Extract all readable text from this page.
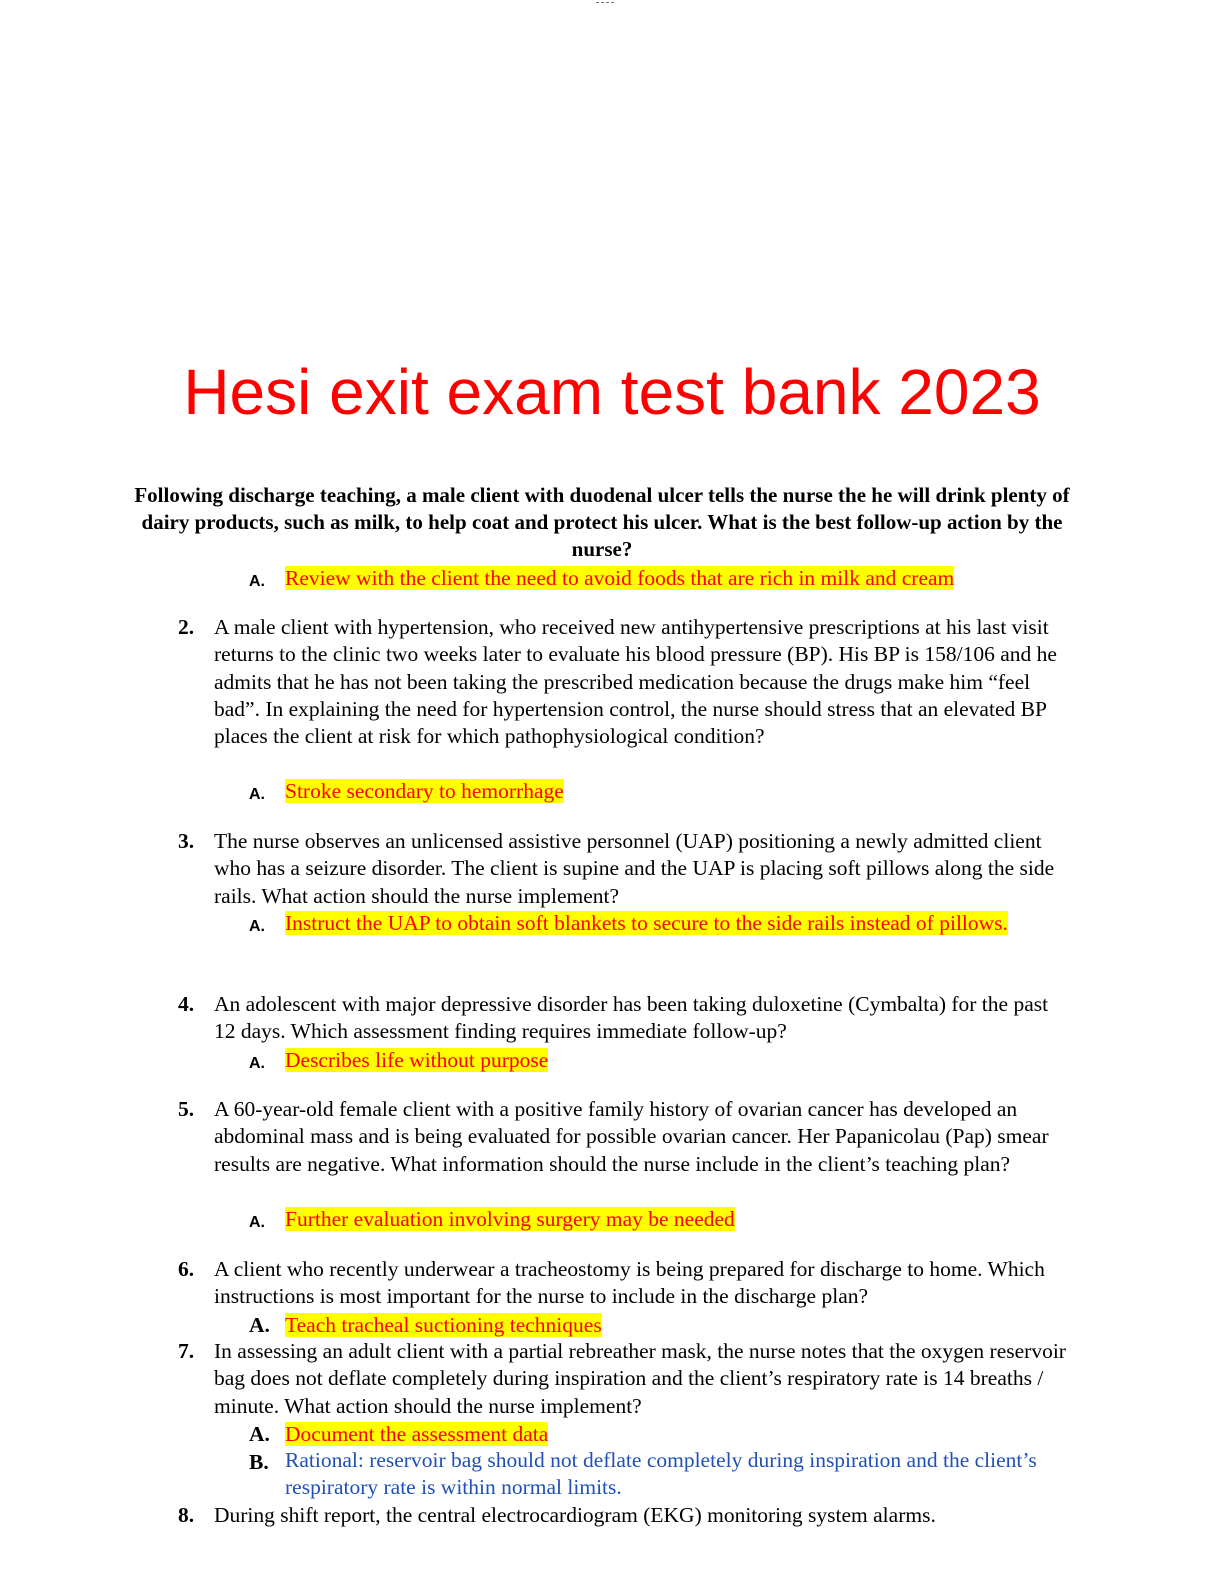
Hesi exit exam test bank 2023
Following discharge teaching, a male client with duodenal ulcer tells the nurse the he will drink plenty of dairy products, such as milk, to help coat and protect his ulcer. What is the best follow-up action by the nurse?
A. Review with the client the need to avoid foods that are rich in milk and cream
2. A male client with hypertension, who received new antihypertensive prescriptions at his last visit returns to the clinic two weeks later to evaluate his blood pressure (BP). His BP is 158/106 and he admits that he has not been taking the prescribed medication because the drugs make him “feel bad”. In explaining the need for hypertension control, the nurse should stress that an elevated BP places the client at risk for which pathophysiological condition?
A. Stroke secondary to hemorrhage
3. The nurse observes an unlicensed assistive personnel (UAP) positioning a newly admitted client who has a seizure disorder. The client is supine and the UAP is placing soft pillows along the side rails. What action should the nurse implement?
A. Instruct the UAP to obtain soft blankets to secure to the side rails instead of pillows.
4. An adolescent with major depressive disorder has been taking duloxetine (Cymbalta) for the past 12 days. Which assessment finding requires immediate follow-up?
A. Describes life without purpose
5. A 60-year-old female client with a positive family history of ovarian cancer has developed an abdominal mass and is being evaluated for possible ovarian cancer. Her Papanicolau (Pap) smear results are negative. What information should the nurse include in the client’s teaching plan?
A. Further evaluation involving surgery may be needed
6. A client who recently underwear a tracheostomy is being prepared for discharge to home. Which instructions is most important for the nurse to include in the discharge plan?
A. Teach tracheal suctioning techniques
7. In assessing an adult client with a partial rebreather mask, the nurse notes that the oxygen reservoir bag does not deflate completely during inspiration and the client’s respiratory rate is 14 breaths / minute. What action should the nurse implement?
A. Document the assessment data
B. Rational: reservoir bag should not deflate completely during inspiration and the client’s respiratory rate is within normal limits.
8. During shift report, the central electrocardiogram (EKG) monitoring system alarms.
